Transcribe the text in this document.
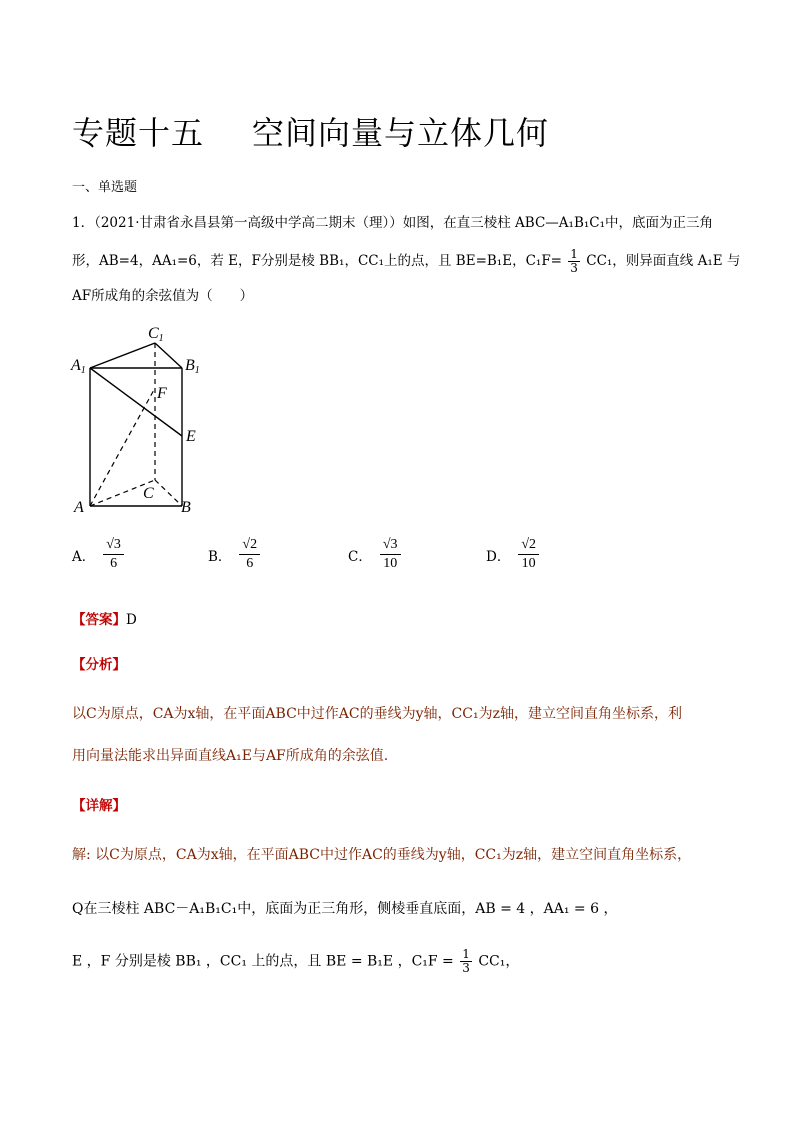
专题十五 空间向量与立体几何
一、单选题
1．（2021·甘肃省永昌县第一高级中学高二期末（理））如图，在直三棱柱 ABC—A₁B₁C₁中，底面为正三角
形，AB=4，AA₁=6，若 E，F分别是棱 BB₁，CC₁上的点，且 BE=B₁E，$C_1F= \frac{1}{3} CC_1$，则异面直线 A₁E 与
AF所成角的余弦值为（　　）
C1
A1	B1
F
E
C
A	B
A． $\frac{√3}{6}$	B． $\frac{√2}{6}$	C． $\frac{√3}{10}$	D． $\frac{√2}{10}$
【答案】D
【分析】
以C为原点，CA为x轴，在平面ABC中过作AC的垂线为y轴，CC₁为z轴，建立空间直角坐标系，利
用向量法能求出异面直线A₁E与AF所成角的余弦值.
【详解】
解: 以C为原点，CA为x轴，在平面ABC中过作AC的垂线为y轴，CC₁为z轴，建立空间直角坐标系，
Q在三棱柱 ABC－A₁B₁C₁中，底面为正三角形，侧棱垂直底面，AB = 4 ，AA₁ = 6 ，
E ，F 分别是棱 BB₁ ，CC₁ 上的点，且 BE = B₁E ，$C_1F = \frac{1}{3} CC_1$，
